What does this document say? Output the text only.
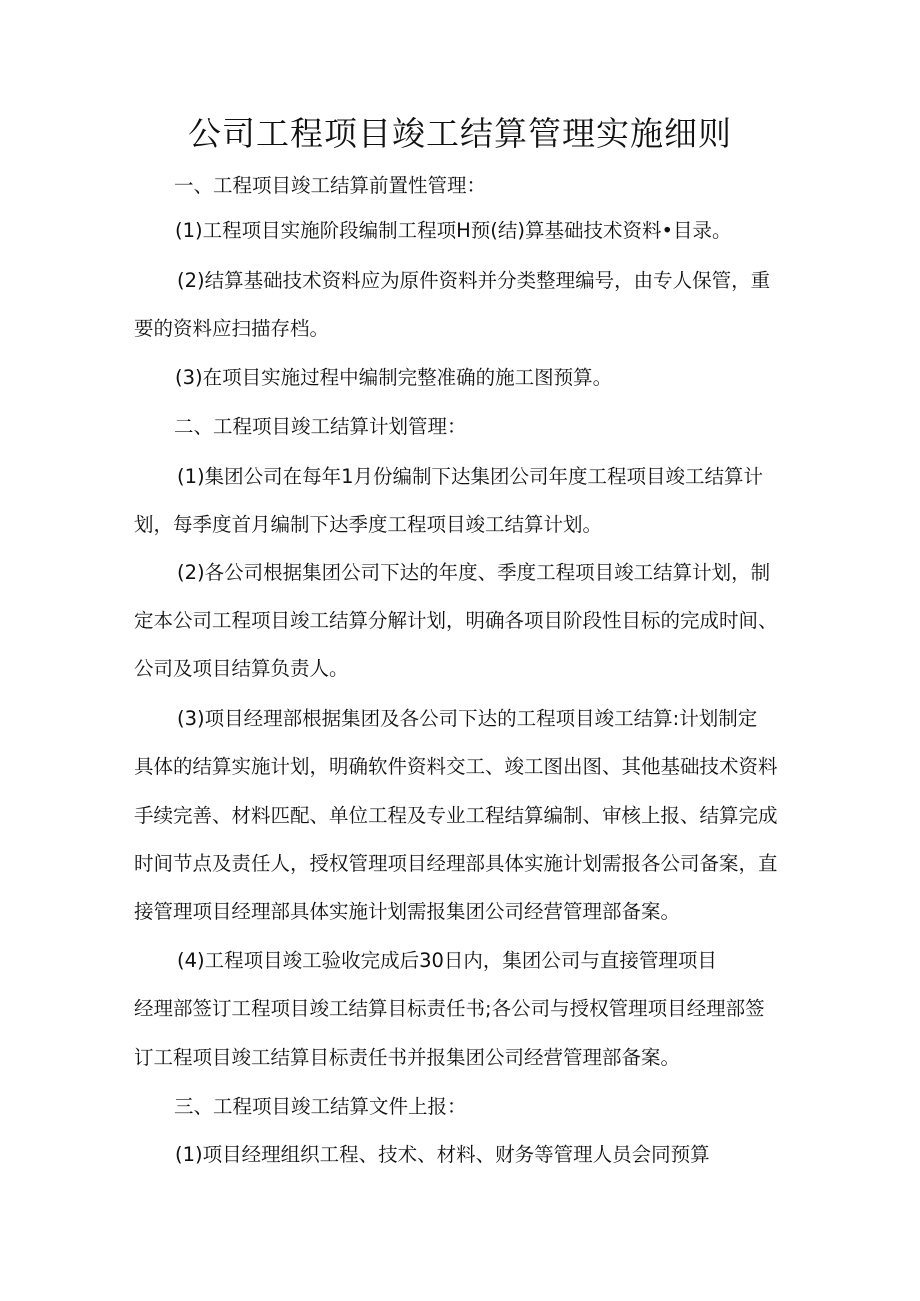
公司工程项目竣工结算管理实施细则
一、工程项目竣工结算前置性管理：
(1)工程项目实施阶段编制工程项H预(结)算基础技术资料•目录。
(2)结算基础技术资料应为原件资料并分类整理编号，由专人保管，重
要的资料应扫描存档。
(3)在项目实施过程中编制完整准确的施工图预算。
二、工程项目竣工结算计划管理：
(1)集团公司在每年1月份编制下达集团公司年度工程项目竣工结算计
划，每季度首月编制下达季度工程项目竣工结算计划。
(2)各公司根据集团公司下达的年度、季度工程项目竣工结算计划，制
定本公司工程项目竣工结算分解计划，明确各项目阶段性目标的完成时间、
公司及项目结算负责人。
(3)项目经理部根据集团及各公司下达的工程项目竣工结算:计划制定
具体的结算实施计划，明确软件资料交工、竣工图出图、其他基础技术资料
手续完善、材料匹配、单位工程及专业工程结算编制、审核上报、结算完成
时间节点及责任人，授权管理项目经理部具体实施计划需报各公司备案，直
接管理项目经理部具体实施计划需报集团公司经营管理部备案。
(4)工程项目竣工验收完成后30日内，集团公司与直接管理项目
经理部签订工程项目竣工结算目标责任书;各公司与授权管理项目经理部签
订工程项目竣工结算目标责任书并报集团公司经营管理部备案。
三、工程项目竣工结算文件上报：
(1)项目经理组织工程、技术、材料、财务等管理人员会同预算
